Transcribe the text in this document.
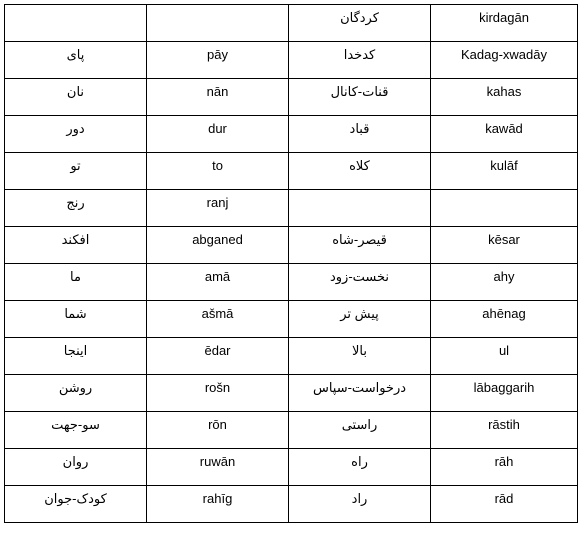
		کردگان	kirdagān

پای	pāy	کدخدا	Kadag-xwadāy

نان	nān	قنات-کانال	kahas

دور	dur	قباد	kawād

تو	to	کلاه	kulāf

رنج	ranj		

افکند	abganed	قیصر-شاه	kēsar

ما	amā	نخست-زود	ahy

شما	ašmā	پیش تر	ahēnag

اینجا	ēdar	بالا	ul

روشن	rošn	درخواست-سپاس	lābaggarih

سو-جهت	rōn	راستی	rāstih

روان	ruwān	راه	rāh

کودک-جوان	rahīg	راد	rād
